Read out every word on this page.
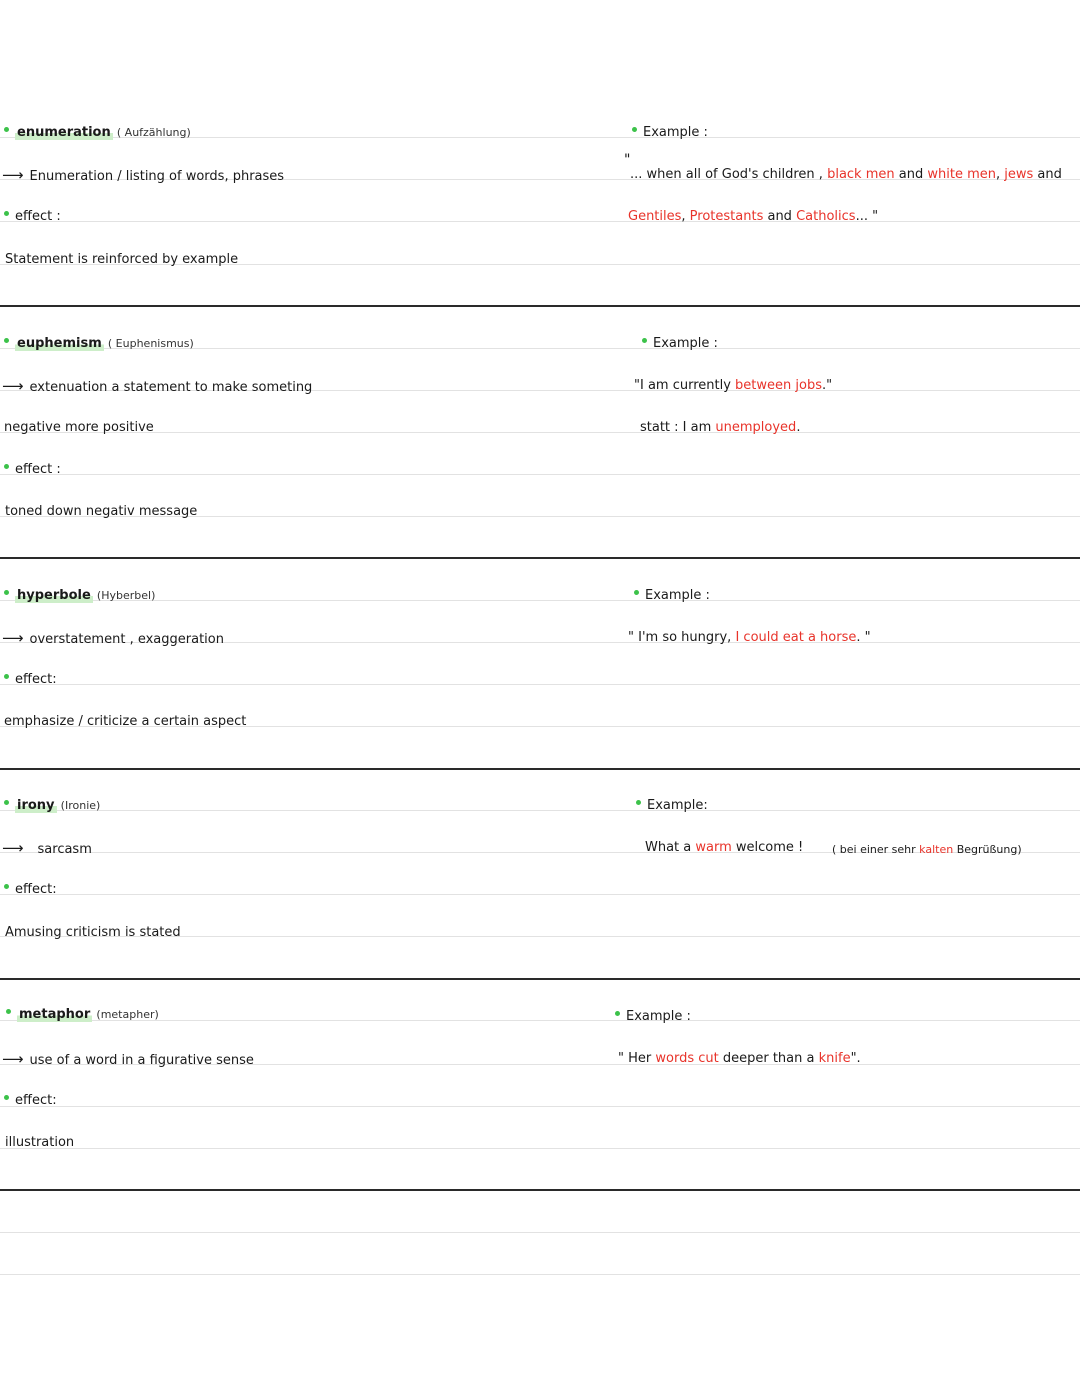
enumeration ( Aufzählung)
⟶ Enumeration / listing of words, phrases
effect :
Statement is reinforced by example
Example :
"
... when all of God's children , black men and white men, jews and
Gentiles, Protestants and Catholics... "
euphemism ( Euphenismus)
⟶ extenuation a statement to make someting
negative more positive
effect :
toned down negativ message
Example :
"I am currently between jobs."
statt : I am unemployed.
hyperbole (Hyberbel)
⟶ overstatement , exaggeration
effect:
emphasize / criticize a certain aspect
Example :
" I'm so hungry, I could eat a horse. "
irony (Ironie)
⟶ sarcasm
effect:
Amusing criticism is stated
Example:
What a warm welcome !	( bei einer sehr kalten Begrüßung)
metaphor (metapher)
⟶ use of a word in a figurative sense
effect:
illustration
Example :
" Her words cut deeper than a knife".
